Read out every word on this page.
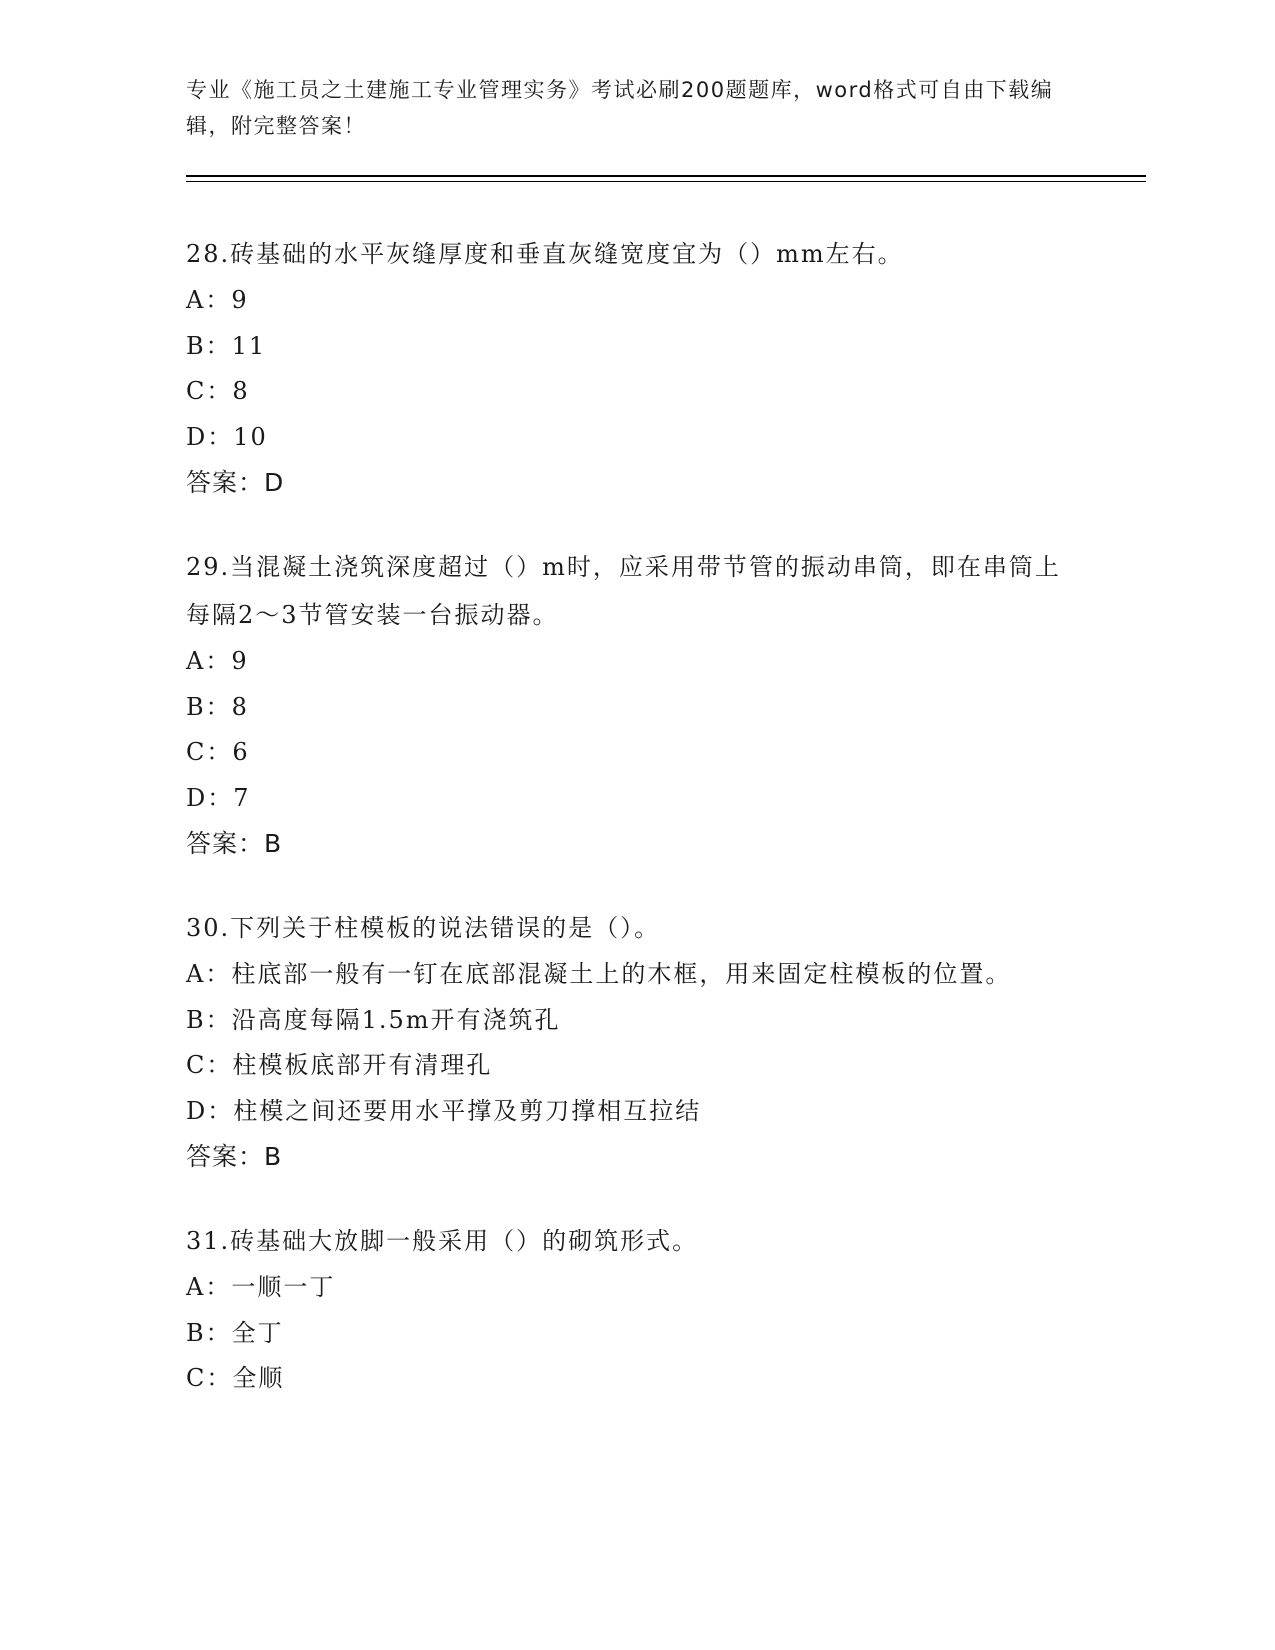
专业《施工员之土建施工专业管理实务》考试必刷200题题库，word格式可自由下载编辑，附完整答案！
28.砖基础的水平灰缝厚度和垂直灰缝宽度宜为（）mm左右。
A：9
B：11
C：8
D：10
答案：D
29.当混凝土浇筑深度超过（）m时，应采用带节管的振动串筒，即在串筒上每隔2～3节管安装一台振动器。
A：9
B：8
C：6
D：7
答案：B
30.下列关于柱模板的说法错误的是（）。
A：柱底部一般有一钉在底部混凝土上的木框，用来固定柱模板的位置。
B：沿高度每隔1.5m开有浇筑孔
C：柱模板底部开有清理孔
D：柱模之间还要用水平撑及剪刀撑相互拉结
答案：B
31.砖基础大放脚一般采用（）的砌筑形式。
A：一顺一丁
B：全丁
C：全顺
